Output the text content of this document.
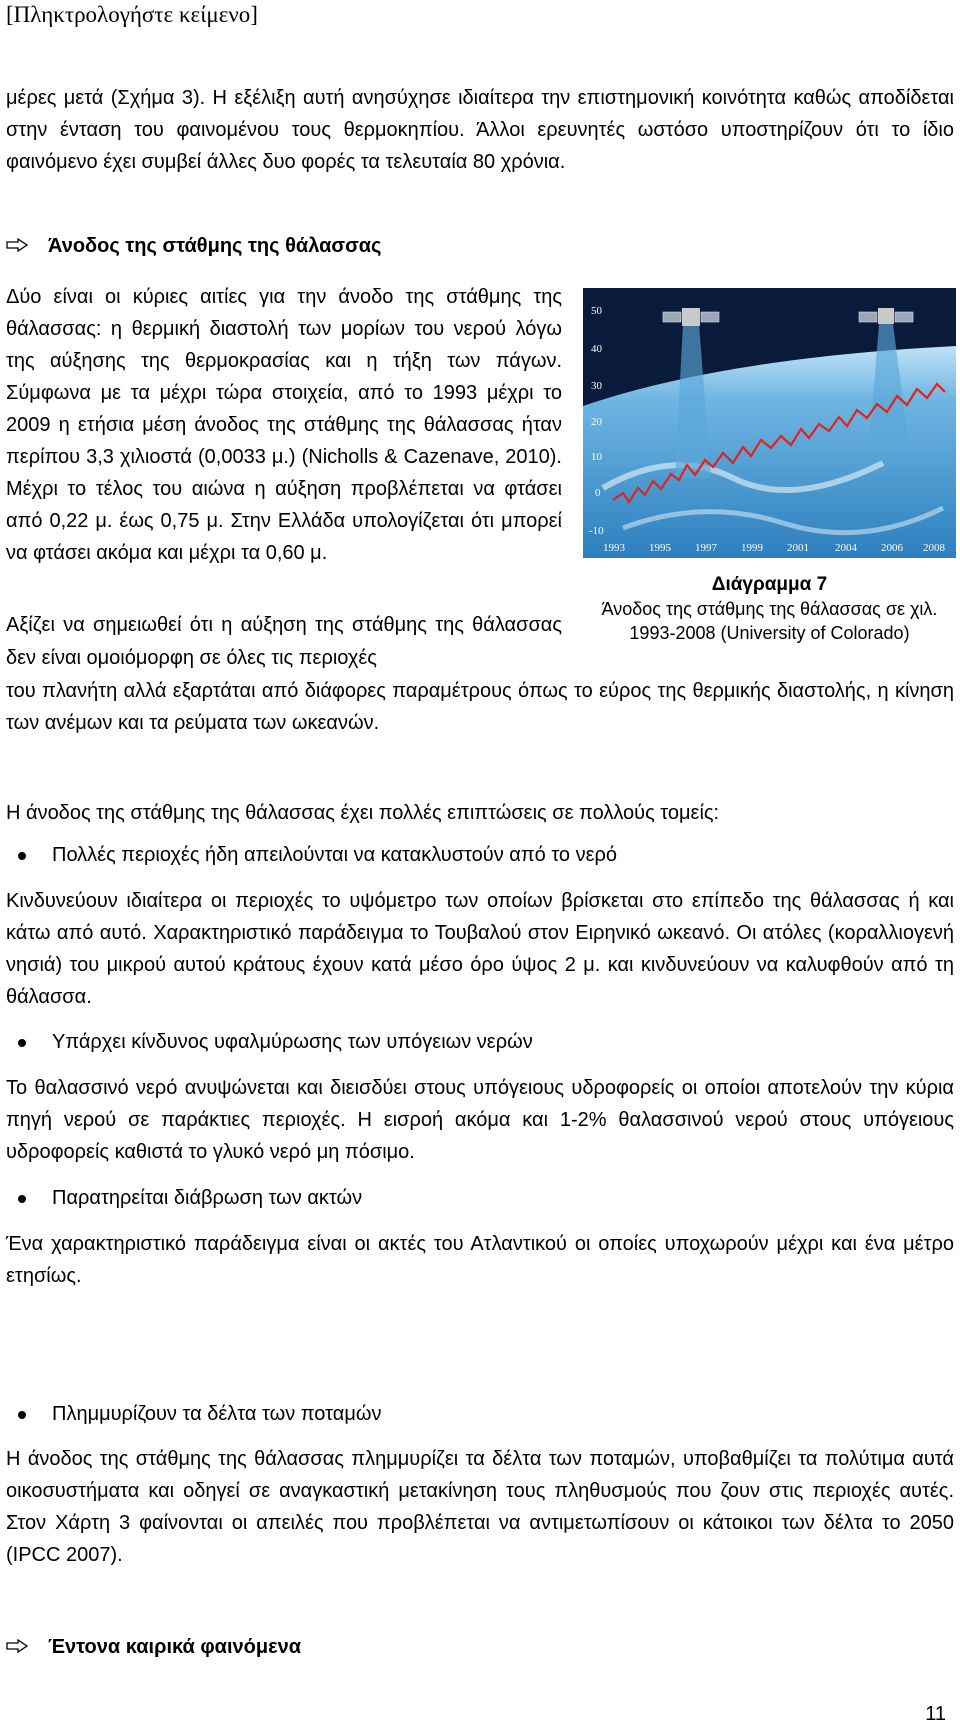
[Πληκτρολογήστε κείμενο]

μέρες μετά (Σχήμα 3). Η εξέλιξη αυτή ανησύχησε ιδιαίτερα την επιστημονική κοινότητα καθώς αποδίδεται στην ένταση του φαινομένου τους θερμοκηπίου. Άλλοι ερευνητές ωστόσο υποστηρίζουν ότι το ίδιο φαινόμενο έχει συμβεί άλλες δυο φορές τα τελευταία 80 χρόνια.

Άνοδος της στάθμης της θάλασσας

Δύο είναι οι κύριες αιτίες για την άνοδο της στάθμης της θάλασσας: η θερμική διαστολή των μορίων του νερού λόγω της αύξησης της θερμοκρασίας και η τήξη των πάγων. Σύμφωνα με τα μέχρι τώρα στοιχεία, από το 1993 μέχρι το 2009 η ετήσια μέση άνοδος της στάθμης της θάλασσας ήταν περίπου 3,3 χιλιοστά (0,0033 μ.) (Nicholls & Cazenave, 2010). Μέχρι το τέλος του αιώνα η αύξηση προβλέπεται να φτάσει από 0,22 μ. έως 0,75 μ. Στην Ελλάδα υπολογίζεται ότι μπορεί να φτάσει ακόμα και μέχρι τα 0,60 μ.

Αξίζει να σημειωθεί ότι η αύξηση της στάθμης της θάλασσας δεν είναι ομοιόμορφη σε όλες τις περιοχές

του πλανήτη αλλά εξαρτάται από διάφορες παραμέτρους όπως το εύρος της θερμικής διαστολής, η κίνηση των ανέμων και τα ρεύματα των ωκεανών.

50
40
30
20
10
0
-10
1993 1995 1997 1999 2001 2004 2006 2008
Διάγραμμα 7
Άνοδος της στάθμης της θάλασσας σε χιλ. 1993-2008 (University of Colorado)

Η άνοδος της στάθμης της θάλασσας έχει πολλές επιπτώσεις σε πολλούς τομείς:

Πολλές περιοχές ήδη απειλούνται να κατακλυστούν από το νερό

Κινδυνεύουν ιδιαίτερα οι περιοχές το υψόμετρο των οποίων βρίσκεται στο επίπεδο της θάλασσας ή και κάτω από αυτό. Χαρακτηριστικό παράδειγμα το Τουβαλού στον Ειρηνικό ωκεανό. Οι ατόλες (κοραλλιογενή νησιά) του μικρού αυτού κράτους έχουν κατά μέσο όρο ύψος 2 μ. και κινδυνεύουν να καλυφθούν από τη θάλασσα.

Υπάρχει κίνδυνος υφαλμύρωσης των υπόγειων νερών

Το θαλασσινό νερό ανυψώνεται και διεισδύει στους υπόγειους υδροφορείς οι οποίοι αποτελούν την κύρια πηγή νερού σε παράκτιες περιοχές. Η εισροή ακόμα και 1-2% θαλασσινού νερού στους υπόγειους υδροφορείς καθιστά το γλυκό νερό μη πόσιμο.

Παρατηρείται διάβρωση των ακτών

Ένα χαρακτηριστικό παράδειγμα είναι οι ακτές του Ατλαντικού οι οποίες υποχωρούν μέχρι και ένα μέτρο ετησίως.

Πλημμυρίζουν τα δέλτα των ποταμών

Η άνοδος της στάθμης της θάλασσας πλημμυρίζει τα δέλτα των ποταμών, υποβαθμίζει τα πολύτιμα αυτά οικοσυστήματα και οδηγεί σε αναγκαστική μετακίνηση τους πληθυσμούς που ζουν στις περιοχές αυτές. Στον Χάρτη 3 φαίνονται οι απειλές που προβλέπεται να αντιμετωπίσουν οι κάτοικοι των δέλτα το 2050 (IPCC 2007).

Έντονα καιρικά φαινόμενα
11
